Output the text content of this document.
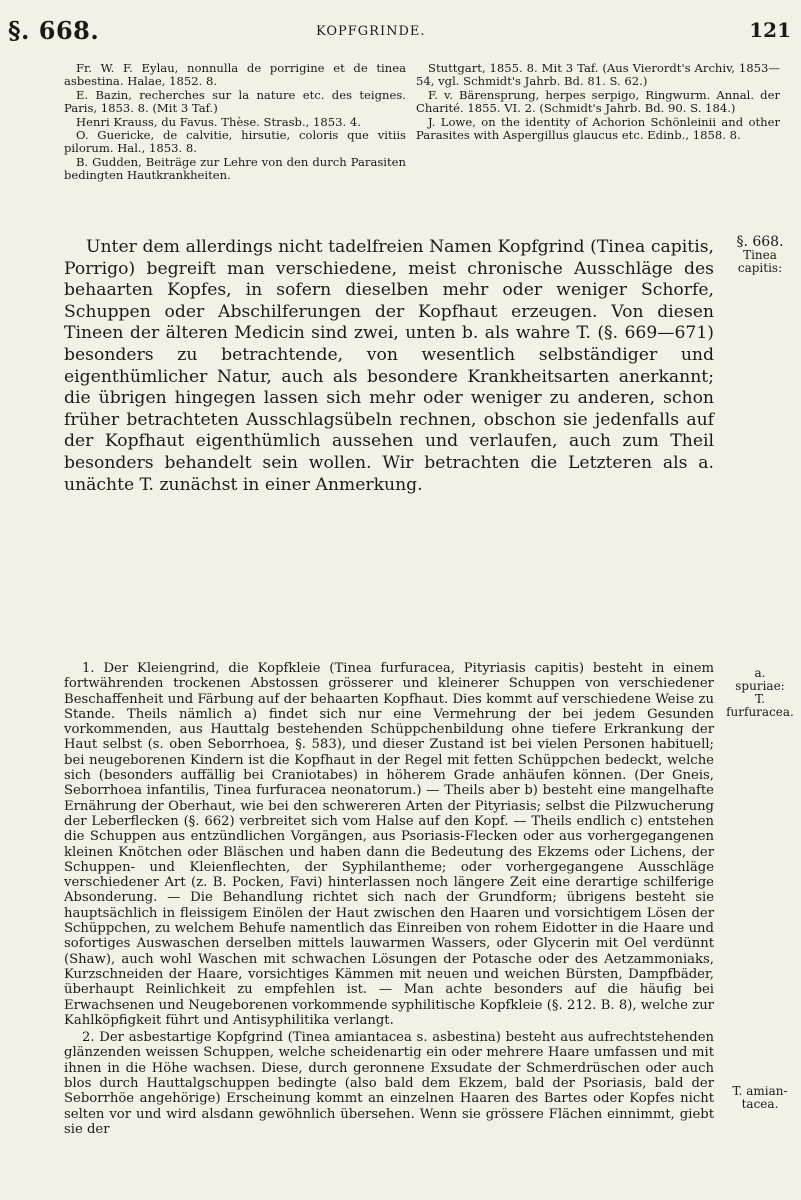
§. 668.	KOPFGRINDE.	121

Fr. W. F. Eylau, nonnulla de porrigine et de tinea asbestina. Halae, 1852. 8.

E. Bazin, recherches sur la nature etc. des teignes. Paris, 1853. 8. (Mit 3 Taf.)

Henri Krauss, du Favus. Thèse. Strasb., 1853. 4.

O. Guericke, de calvitie, hirsutie, coloris que vitiis pilorum. Hal., 1853. 8.

B. Gudden, Beiträge zur Lehre von den durch Parasiten bedingten Hautkrankheiten.

Stuttgart, 1855. 8. Mit 3 Taf. (Aus Vierordt's Archiv, 1853—54, vgl. Schmidt's Jahrb. Bd. 81. S. 62.)

F. v. Bärensprung, herpes serpigo, Ringwurm. Annal. der Charité. 1855. VI. 2. (Schmidt's Jahrb. Bd. 90. S. 184.)

J. Lowe, on the identity of Achorion Schönleinii and other Parasites with Aspergillus glaucus etc. Edinb., 1858. 8.

Unter dem allerdings nicht tadelfreien Namen Kopfgrind (Tinea capitis, Porrigo) begreift man verschiedene, meist chronische Ausschläge des behaarten Kopfes, in sofern dieselben mehr oder weniger Schorfe, Schuppen oder Abschilferungen der Kopfhaut erzeugen. Von diesen Tineen der älteren Medicin sind zwei, unten b. als wahre T. (§. 669—671) besonders zu betrachtende, von wesentlich selbständiger und eigenthümlicher Natur, auch als besondere Krankheitsarten anerkannt; die übrigen hingegen lassen sich mehr oder weniger zu anderen, schon früher betrachteten Ausschlagsübeln rechnen, obschon sie jedenfalls auf der Kopfhaut eigenthümlich aussehen und verlaufen, auch zum Theil besonders behandelt sein wollen. Wir betrachten die Letzteren als a. unächte T. zunächst in einer Anmerkung.

1. Der Kleiengrind, die Kopfkleie (Tinea furfuracea, Pityriasis capitis) besteht in einem fortwährenden trockenen Abstossen grösserer und kleinerer Schuppen von verschiedener Beschaffenheit und Färbung auf der behaarten Kopfhaut. Dies kommt auf verschiedene Weise zu Stande. Theils nämlich a) findet sich nur eine Vermehrung der bei jedem Gesunden vorkommenden, aus Hauttalg bestehenden Schüppchenbildung ohne tiefere Erkrankung der Haut selbst (s. oben Seborrhoea, §. 583), und dieser Zustand ist bei vielen Personen habituell; bei neugeborenen Kindern ist die Kopfhaut in der Regel mit fetten Schüppchen bedeckt, welche sich (besonders auffällig bei Craniotabes) in höherem Grade anhäufen können. (Der Gneis, Seborrhoea infantilis, Tinea furfuracea neonatorum.) — Theils aber b) besteht eine mangelhafte Ernährung der Oberhaut, wie bei den schwereren Arten der Pityriasis; selbst die Pilzwucherung der Leberflecken (§. 662) verbreitet sich vom Halse auf den Kopf. — Theils endlich c) entstehen die Schuppen aus entzündlichen Vorgängen, aus Psoriasis-Flecken oder aus vorhergegangenen kleinen Knötchen oder Bläschen und haben dann die Bedeutung des Ekzems oder Lichens, der Schuppen- und Kleienflechten, der Syphilantheme; oder vorhergegangene Ausschläge verschiedener Art (z. B. Pocken, Favi) hinterlassen noch längere Zeit eine derartige schilferige Absonderung. — Die Behandlung richtet sich nach der Grundform; übrigens besteht sie hauptsächlich in fleissigem Einölen der Haut zwischen den Haaren und vorsichtigem Lösen der Schüppchen, zu welchem Behufe namentlich das Einreiben von rohem Eidotter in die Haare und sofortiges Auswaschen derselben mittels lauwarmen Wassers, oder Glycerin mit Oel verdünnt (Shaw), auch wohl Waschen mit schwachen Lösungen der Potasche oder des Aetzammoniaks, Kurzschneiden der Haare, vorsichtiges Kämmen mit neuen und weichen Bürsten, Dampfbäder, überhaupt Reinlichkeit zu empfehlen ist. — Man achte besonders auf die häufig bei Erwachsenen und Neugeborenen vorkommende syphilitische Kopfkleie (§. 212. B. 8), welche zur Kahlköpfigkeit führt und Antisyphilitika verlangt.

2. Der asbestartige Kopfgrind (Tinea amiantacea s. asbestina) besteht aus aufrechtstehenden glänzenden weissen Schuppen, welche scheidenartig ein oder mehrere Haare umfassen und mit ihnen in die Höhe wachsen. Diese, durch geronnene Exsudate der Schmerdrüschen oder auch blos durch Hauttalgschuppen bedingte (also bald dem Ekzem, bald der Psoriasis, bald der Seborrhöe angehörige) Erscheinung kommt an einzelnen Haaren des Bartes oder Kopfes nicht selten vor und wird alsdann gewöhnlich übersehen. Wenn sie grössere Flächen einnimmt, giebt sie der

§. 668.
Tinea
capitis:
a.
spuriae:
T.
furfuracea.
T. amian-
tacea.
